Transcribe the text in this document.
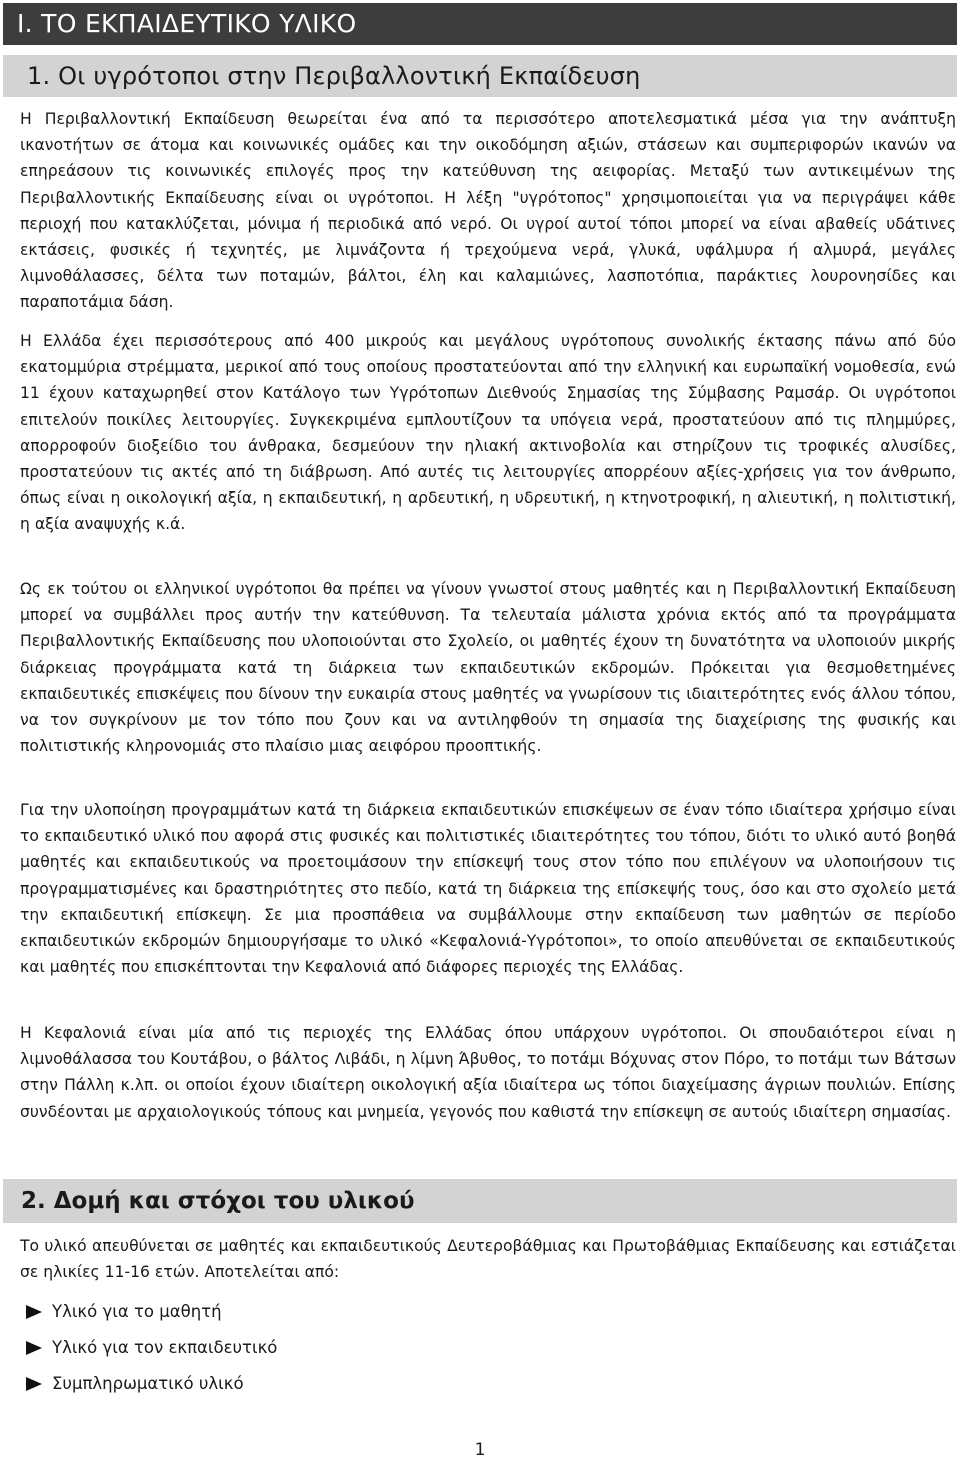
Ι. ΤΟ ΕΚΠΑΙΔΕΥΤΙΚΟ ΥΛΙΚΟ
1. Οι υγρότοποι στην Περιβαλλοντική Εκπαίδευση

Η Περιβαλλοντική Εκπαίδευση θεωρείται ένα από τα περισσότερο αποτελεσματικά μέσα για την ανάπτυξη ικανοτήτων σε άτομα και κοινωνικές ομάδες και την οικοδόμηση αξιών, στάσεων και συμπεριφορών ικανών να επηρεάσουν τις κοινωνικές επιλογές προς την κατεύθυνση της αειφορίας. Μεταξύ των αντικειμένων της Περιβαλλοντικής Εκπαίδευσης είναι οι υγρότοποι. Η λέξη "υγρότοπος" χρησιμοποιείται για να περιγράψει κάθε περιοχή που κατακλύζεται, μόνιμα ή περιοδικά από νερό. Οι υγροί αυτοί τόποι μπορεί να είναι αβαθείς υδάτινες εκτάσεις, φυσικές ή τεχνητές, με λιμνάζοντα ή τρεχούμενα νερά, γλυκά, υφάλμυρα ή αλμυρά, μεγάλες λιμνοθάλασσες, δέλτα των ποταμών, βάλτοι, έλη και καλαμιώνες, λασποτόπια, παράκτιες λουρονησίδες και παραποτάμια δάση.

Η Ελλάδα έχει περισσότερους από 400 μικρούς και μεγάλους υγρότοπους συνολικής έκτασης πάνω από δύο εκατομμύρια στρέμματα, μερικοί από τους οποίους προστατεύονται από την ελληνική και ευρωπαϊκή νομοθεσία, ενώ 11 έχουν καταχωρηθεί στον Κατάλογο των Υγρότοπων Διεθνούς Σημασίας της Σύμβασης Ραμσάρ. Οι υγρότοποι επιτελούν ποικίλες λειτουργίες. Συγκεκριμένα εμπλουτίζουν τα υπόγεια νερά, προστατεύουν από τις πλημμύρες, απορροφούν διοξείδιο του άνθρακα, δεσμεύουν την ηλιακή ακτινοβολία και στηρίζουν τις τροφικές αλυσίδες, προστατεύουν τις ακτές από τη διάβρωση. Από αυτές τις λειτουργίες απορρέουν αξίες-χρήσεις για τον άνθρωπο, όπως είναι η οικολογική αξία, η εκπαιδευτική, η αρδευτική, η υδρευτική, η κτηνοτροφική, η αλιευτική, η πολιτιστική, η αξία αναψυχής κ.ά.

Ως εκ τούτου οι ελληνικοί υγρότοποι θα πρέπει να γίνουν γνωστοί στους μαθητές και η Περιβαλλοντική Εκπαίδευση μπορεί να συμβάλλει προς αυτήν την κατεύθυνση. Τα τελευταία μάλιστα χρόνια εκτός από τα προγράμματα Περιβαλλοντικής Εκπαίδευσης που υλοποιούνται στο Σχολείο, οι μαθητές έχουν τη δυνατότητα να υλοποιούν μικρής διάρκειας προγράμματα κατά τη διάρκεια των εκπαιδευτικών εκδρομών. Πρόκειται για θεσμοθετημένες εκπαιδευτικές επισκέψεις που δίνουν την ευκαιρία στους μαθητές να γνωρίσουν τις ιδιαιτερότητες ενός άλλου τόπου, να τον συγκρίνουν με τον τόπο που ζουν και να αντιληφθούν τη σημασία της διαχείρισης της φυσικής και πολιτιστικής κληρονομιάς στο πλαίσιο μιας αειφόρου προοπτικής.

Για την υλοποίηση προγραμμάτων κατά τη διάρκεια εκπαιδευτικών επισκέψεων σε έναν τόπο ιδιαίτερα χρήσιμο είναι το εκπαιδευτικό υλικό που αφορά στις φυσικές και πολιτιστικές ιδιαιτερότητες του τόπου, διότι το υλικό αυτό βοηθά μαθητές και εκπαιδευτικούς να προετοιμάσουν την επίσκεψή τους στον τόπο που επιλέγουν να υλοποιήσουν τις προγραμματισμένες και δραστηριότητες στο πεδίο, κατά τη διάρκεια της επίσκεψής τους, όσο και στο σχολείο μετά την εκπαιδευτική επίσκεψη. Σε μια προσπάθεια να συμβάλλουμε στην εκπαίδευση των μαθητών σε περίοδο εκπαιδευτικών εκδρομών δημιουργήσαμε το υλικό «Κεφαλονιά-Υγρότοποι», το οποίο απευθύνεται σε εκπαιδευτικούς και μαθητές που επισκέπτονται την Κεφαλονιά από διάφορες περιοχές της Ελλάδας.

Η Κεφαλονιά είναι μία από τις περιοχές της Ελλάδας όπου υπάρχουν υγρότοποι. Οι σπουδαιότεροι είναι η λιμνοθάλασσα του Κουτάβου, ο βάλτος Λιβάδι, η λίμνη Άβυθος, το ποτάμι Βόχυνας στον Πόρο, το ποτάμι των Βάτσων στην Πάλλη κ.λπ. οι οποίοι έχουν ιδιαίτερη οικολογική αξία ιδιαίτερα ως τόποι διαχείμασης άγριων πουλιών. Επίσης συνδέονται με αρχαιολογικούς τόπους και μνημεία, γεγονός που καθιστά την επίσκεψη σε αυτούς ιδιαίτερη σημασίας.

2. Δομή και στόχοι του υλικού

Το υλικό απευθύνεται σε μαθητές και εκπαιδευτικούς Δευτεροβάθμιας και Πρωτοβάθμιας Εκπαίδευσης και εστιάζεται σε ηλικίες 11-16 ετών. Αποτελείται από:

Υλικό για το μαθητή
Υλικό για τον εκπαιδευτικό
Συμπληρωματικό υλικό
1
